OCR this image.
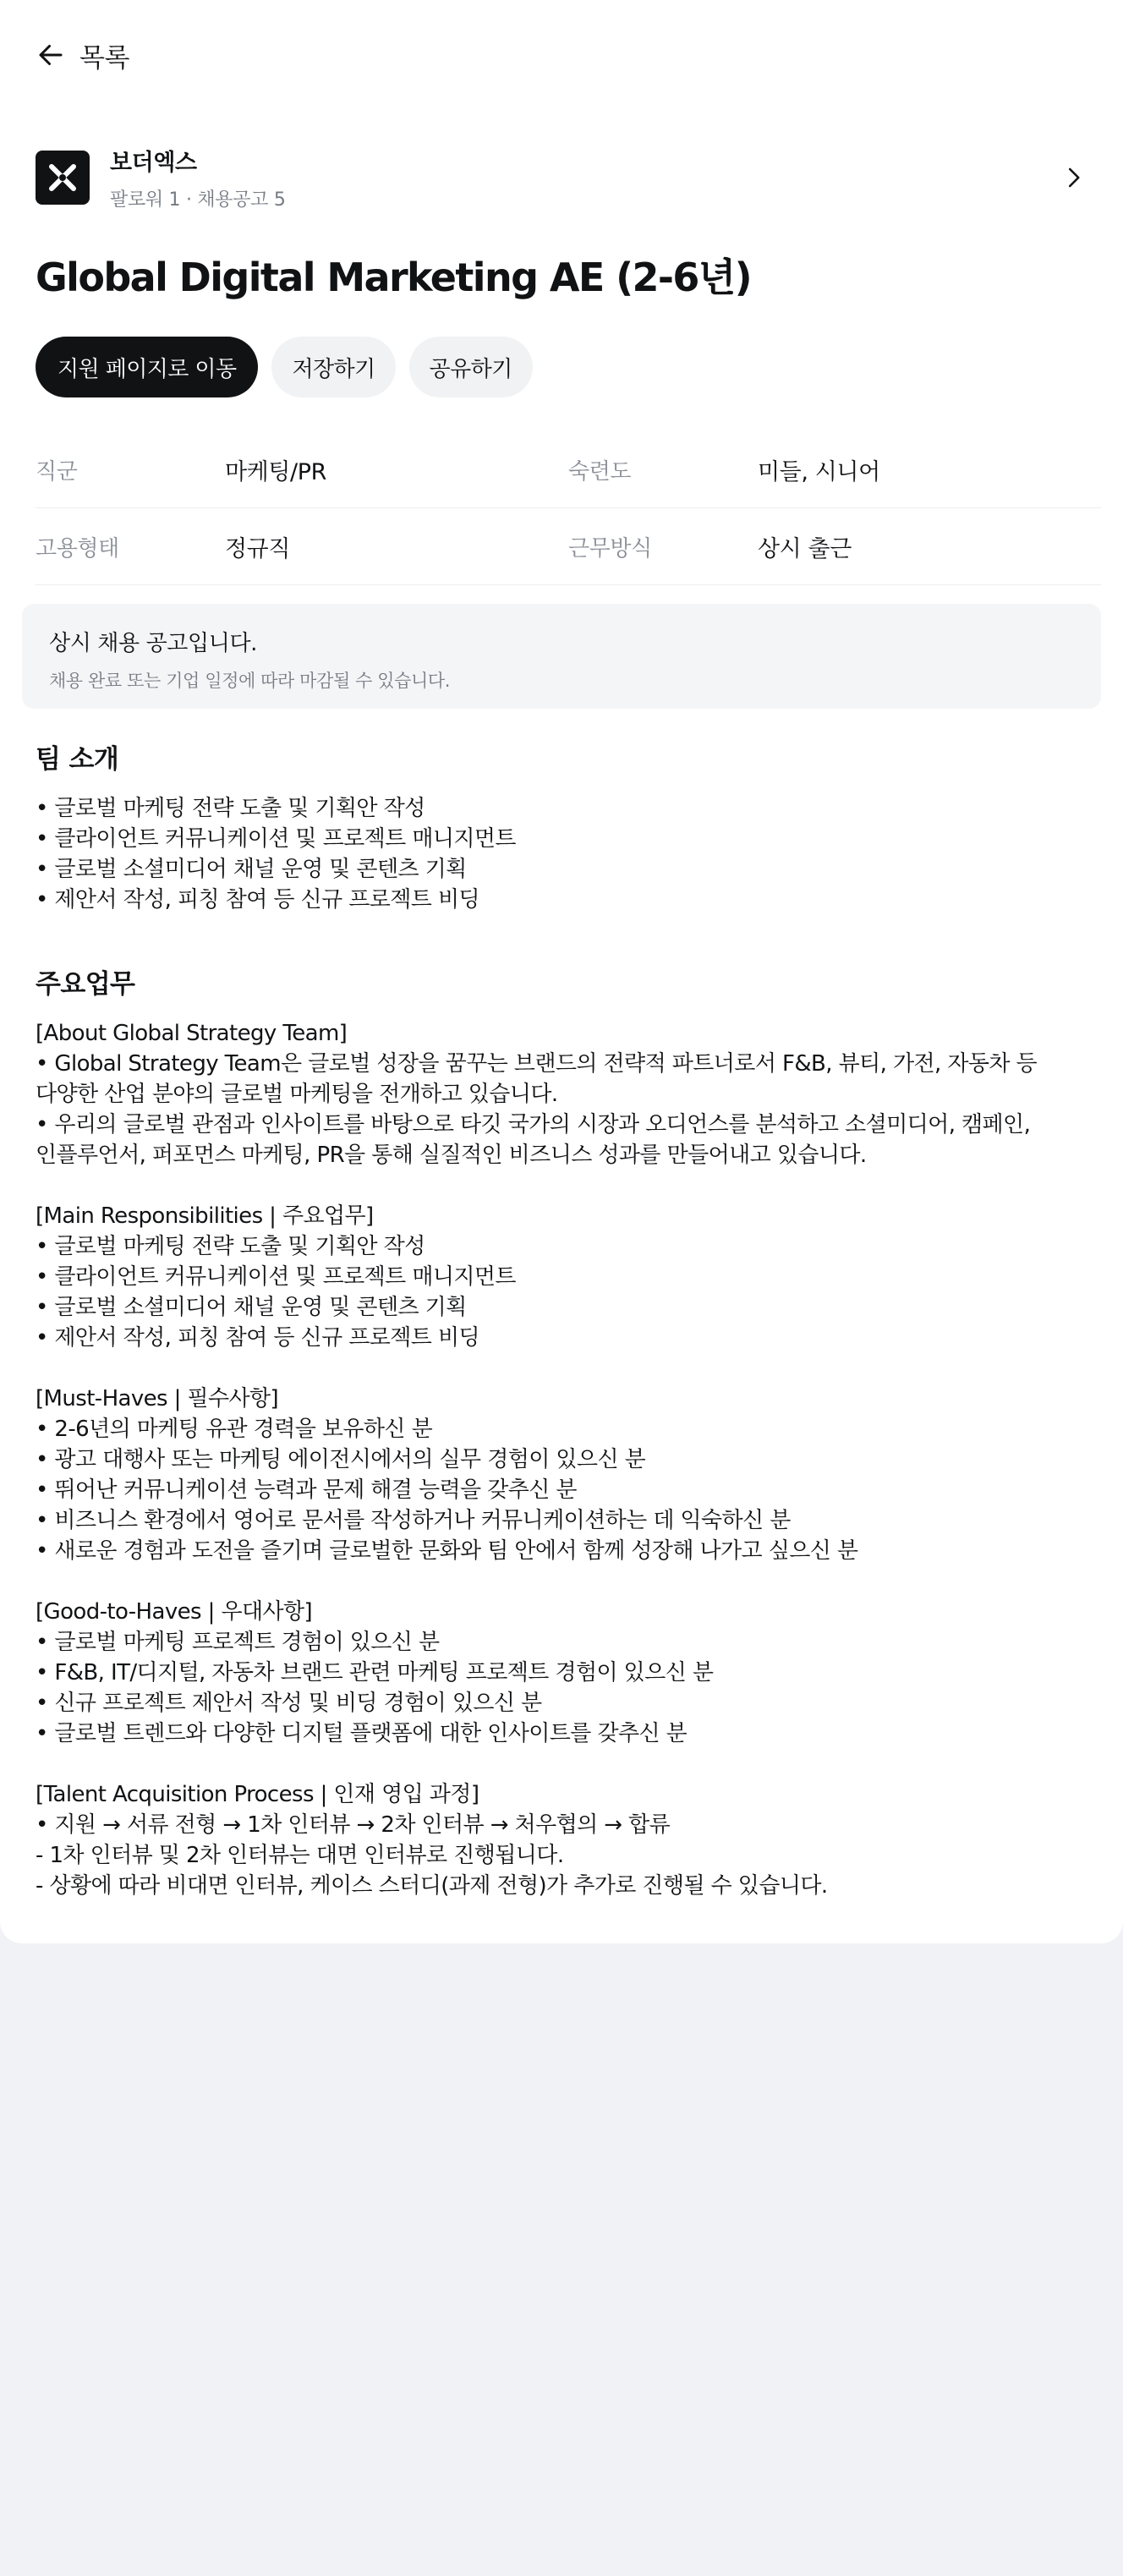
목록
보더엑스
팔로워 1 · 채용공고 5
Global Digital Marketing AE (2-6년)
지원 페이지로 이동	저장하기	공유하기
직군	마케팅/PR	숙련도	미들, 시니어
고용형태	정규직	근무방식	상시 출근
상시 채용 공고입니다.
채용 완료 또는 기업 일정에 따라 마감될 수 있습니다.
팀 소개
• 글로벌 마케팅 전략 도출 및 기획안 작성
• 클라이언트 커뮤니케이션 및 프로젝트 매니지먼트
• 글로벌 소셜미디어 채널 운영 및 콘텐츠 기획
• 제안서 작성, 피칭 참여 등 신규 프로젝트 비딩
주요업무
[About Global Strategy Team]
• Global Strategy Team은 글로벌 성장을 꿈꾸는 브랜드의 전략적 파트너로서 F&B, 뷰티, 가전, 자동차 등
다양한 산업 분야의 글로벌 마케팅을 전개하고 있습니다.
• 우리의 글로벌 관점과 인사이트를 바탕으로 타깃 국가의 시장과 오디언스를 분석하고 소셜미디어, 캠페인,
인플루언서, 퍼포먼스 마케팅, PR을 통해 실질적인 비즈니스 성과를 만들어내고 있습니다.
[Main Responsibilities | 주요업무]
• 글로벌 마케팅 전략 도출 및 기획안 작성
• 클라이언트 커뮤니케이션 및 프로젝트 매니지먼트
• 글로벌 소셜미디어 채널 운영 및 콘텐츠 기획
• 제안서 작성, 피칭 참여 등 신규 프로젝트 비딩
[Must-Haves | 필수사항]
• 2-6년의 마케팅 유관 경력을 보유하신 분
• 광고 대행사 또는 마케팅 에이전시에서의 실무 경험이 있으신 분
• 뛰어난 커뮤니케이션 능력과 문제 해결 능력을 갖추신 분
• 비즈니스 환경에서 영어로 문서를 작성하거나 커뮤니케이션하는 데 익숙하신 분
• 새로운 경험과 도전을 즐기며 글로벌한 문화와 팀 안에서 함께 성장해 나가고 싶으신 분
[Good-to-Haves | 우대사항]
• 글로벌 마케팅 프로젝트 경험이 있으신 분
• F&B, IT/디지털, 자동차 브랜드 관련 마케팅 프로젝트 경험이 있으신 분
• 신규 프로젝트 제안서 작성 및 비딩 경험이 있으신 분
• 글로벌 트렌드와 다양한 디지털 플랫폼에 대한 인사이트를 갖추신 분
[Talent Acquisition Process | 인재 영입 과정]
• 지원 → 서류 전형 → 1차 인터뷰 → 2차 인터뷰 → 처우협의 → 합류
- 1차 인터뷰 및 2차 인터뷰는 대면 인터뷰로 진행됩니다.
- 상황에 따라 비대면 인터뷰, 케이스 스터디(과제 전형)가 추가로 진행될 수 있습니다.
